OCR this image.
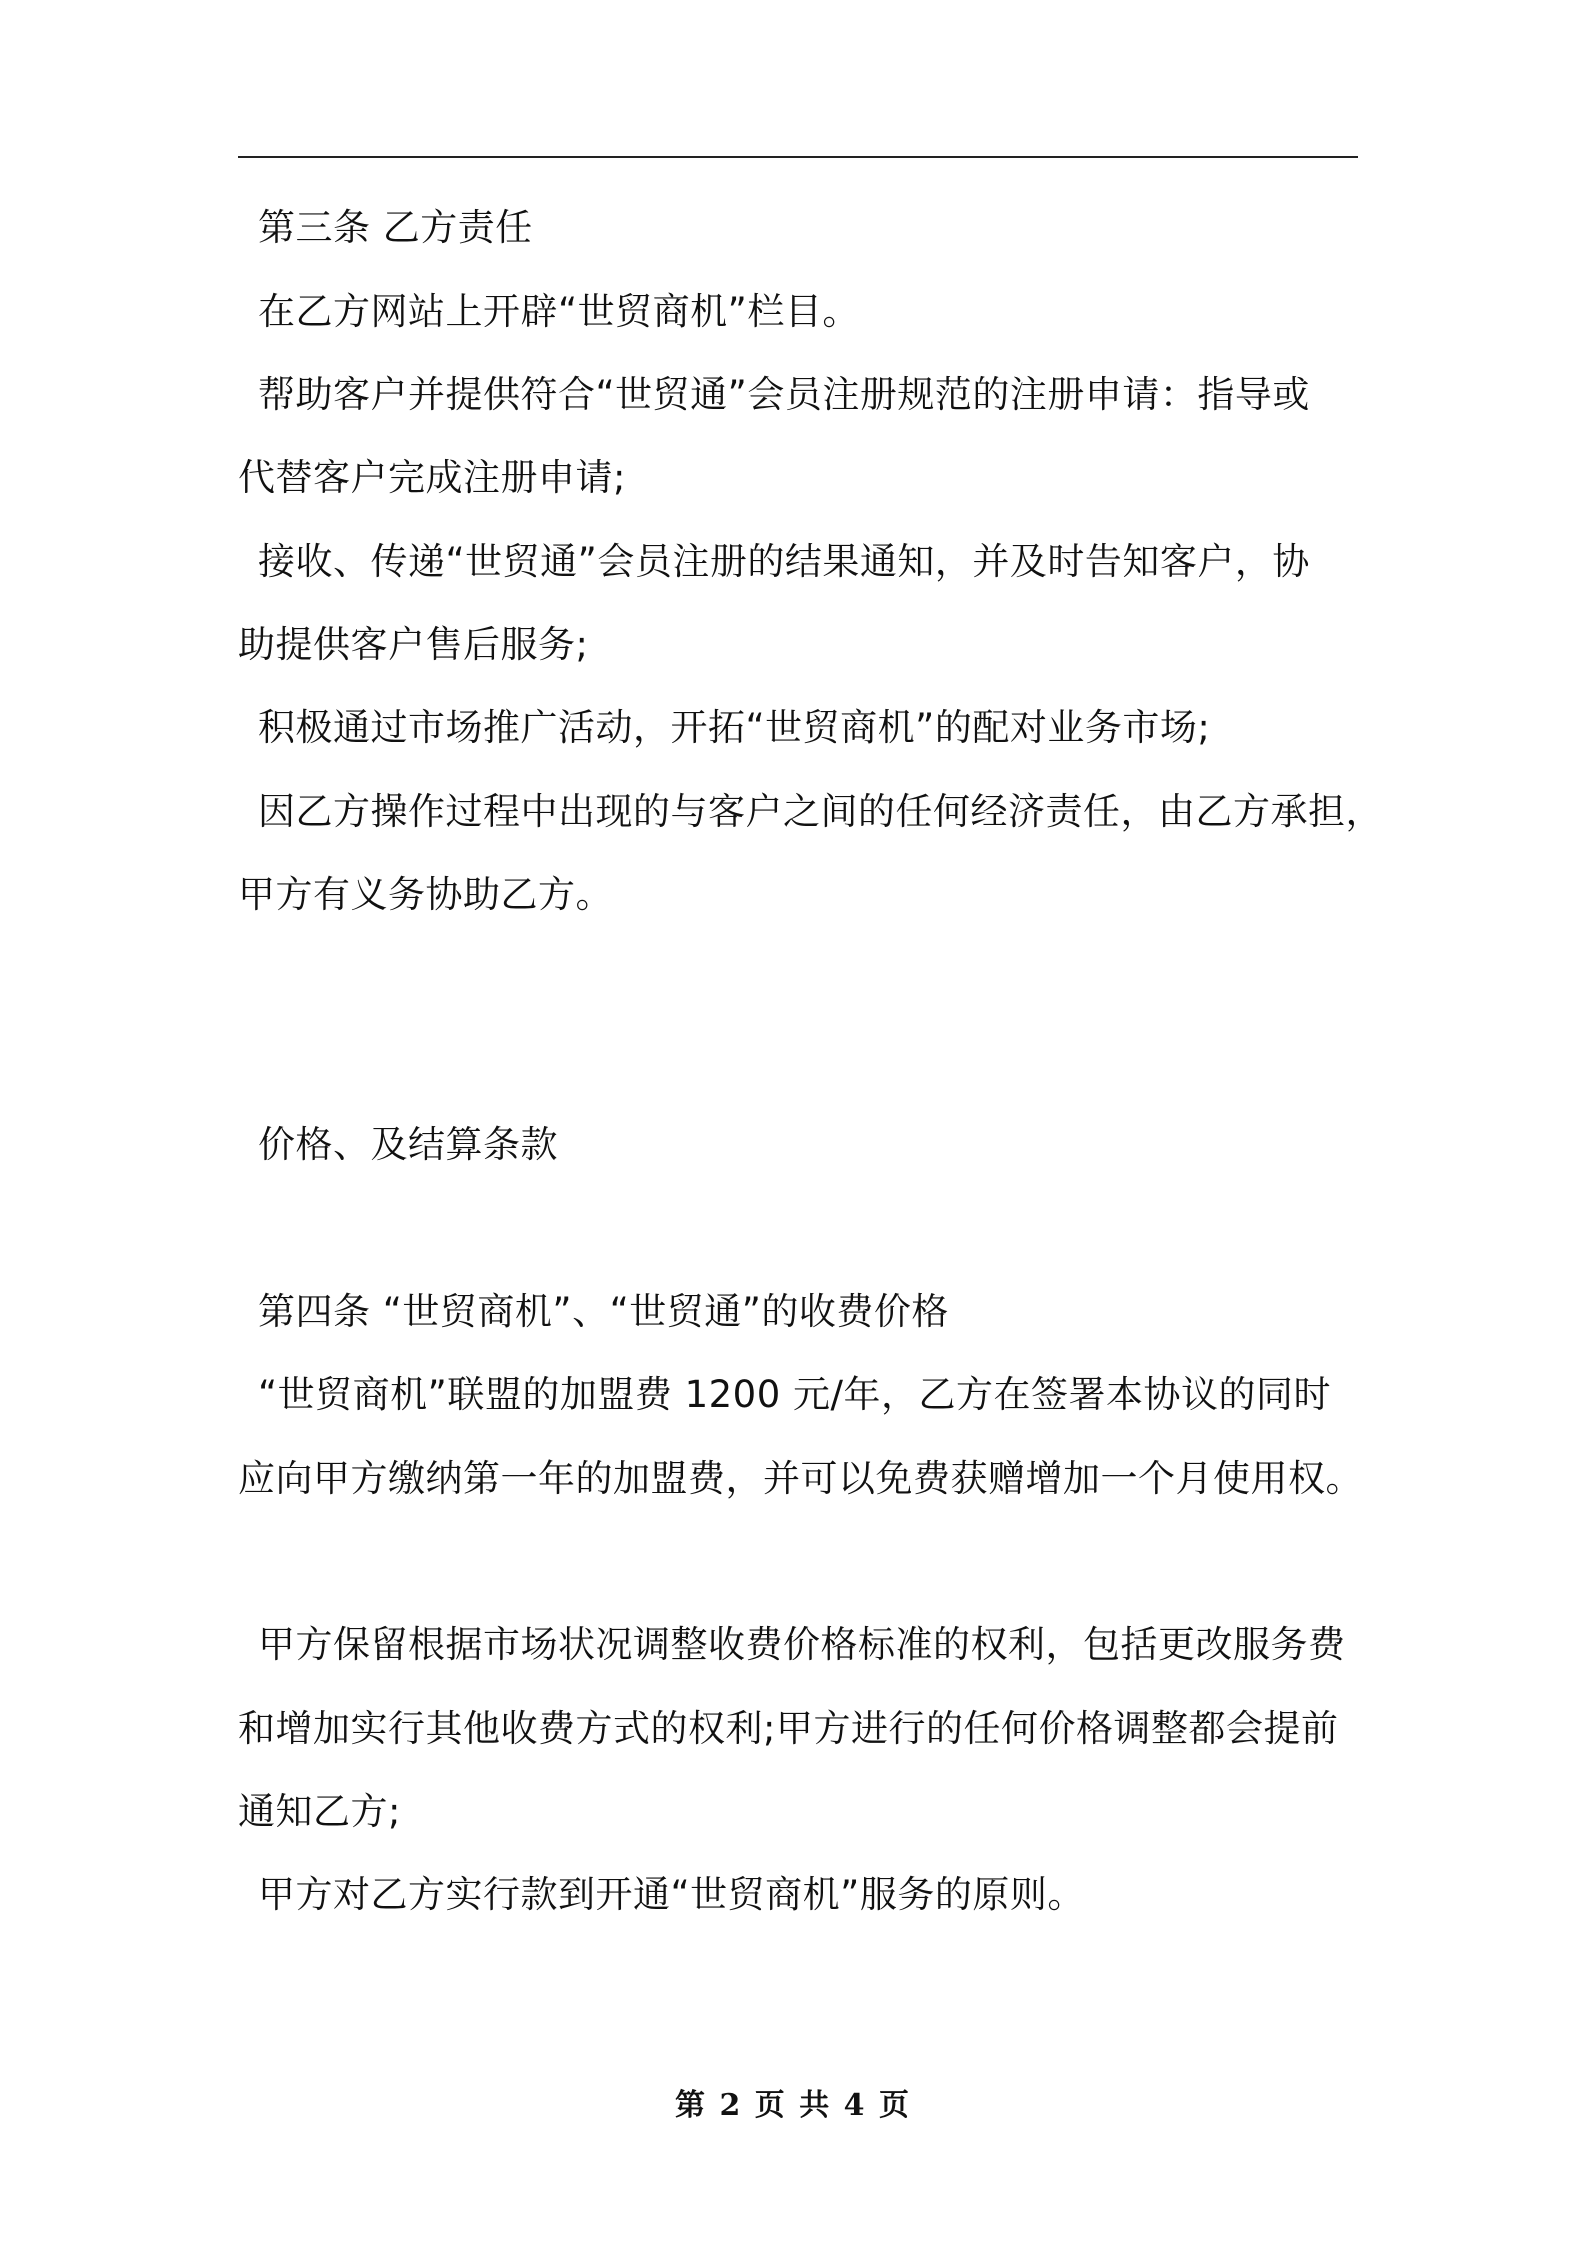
第三条 乙方责任
在乙方网站上开辟“世贸商机”栏目。
帮助客户并提供符合“世贸通”会员注册规范的注册申请：指导或
代替客户完成注册申请;
接收、传递“世贸通”会员注册的结果通知，并及时告知客户，协
助提供客户售后服务;
积极通过市场推广活动，开拓“世贸商机”的配对业务市场;
因乙方操作过程中出现的与客户之间的任何经济责任，由乙方承担，
甲方有义务协助乙方。
价格、及结算条款
第四条 “世贸商机”、“世贸通”的收费价格
“世贸商机”联盟的加盟费 1200 元/年，乙方在签署本协议的同时
应向甲方缴纳第一年的加盟费，并可以免费获赠增加一个月使用权。
甲方保留根据市场状况调整收费价格标准的权利，包括更改服务费
和增加实行其他收费方式的权利;甲方进行的任何价格调整都会提前
通知乙方;
甲方对乙方实行款到开通“世贸商机”服务的原则。
第 2 页 共 4 页
